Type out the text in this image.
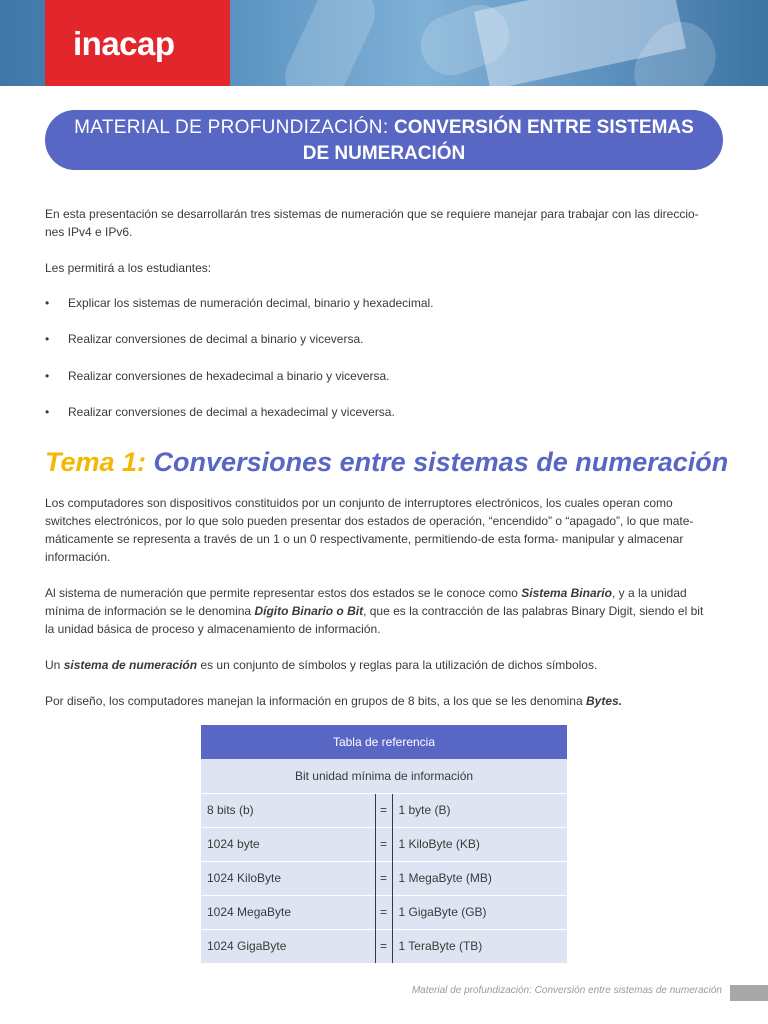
inacap
MATERIAL DE PROFUNDIZACIÓN: CONVERSIÓN ENTRE SISTEMAS
DE NUMERACIÓN

En esta presentación se desarrollarán tres sistemas de numeración que se requiere manejar para trabajar con las direccio-
nes IPv4 e IPv6.

Les permitirá a los estudiantes:

• Explicar los sistemas de numeración decimal, binario y hexadecimal.
• Realizar conversiones de decimal a binario y viceversa.
• Realizar conversiones de hexadecimal a binario y viceversa.
• Realizar conversiones de decimal a hexadecimal y viceversa.
Tema 1: Conversiones entre sistemas de numeración

Los computadores son dispositivos constituidos por un conjunto de interruptores electrónicos, los cuales operan como
switches electrónicos, por lo que solo pueden presentar dos estados de operación, “encendido” o “apagado”, lo que mate-
máticamente se representa a través de un 1 o un 0 respectivamente, permitiendo-de esta forma- manipular y almacenar
información.

Al sistema de numeración que permite representar estos dos estados se le conoce como Sistema Binario, y a la unidad
mínima de información se le denomina Dígito Binario o Bit, que es la contracción de las palabras Binary Digit, siendo el bit
la unidad básica de proceso y almacenamiento de información.

Un sistema de numeración es un conjunto de símbolos y reglas para la utilización de dichos símbolos.

Por diseño, los computadores manejan la información en grupos de 8 bits, a los que se les denomina Bytes.

Tabla de referencia		
Bit unidad mínima de información		
8 bits (b)	=	1 byte (B)
1024 byte	=	1 KiloByte (KB)
1024 KiloByte	=	1 MegaByte (MB)
1024 MegaByte	=	1 GigaByte (GB)
1024 GigaByte	=	1 TeraByte (TB)
Material de profundización: Conversión entre sistemas de numeración
